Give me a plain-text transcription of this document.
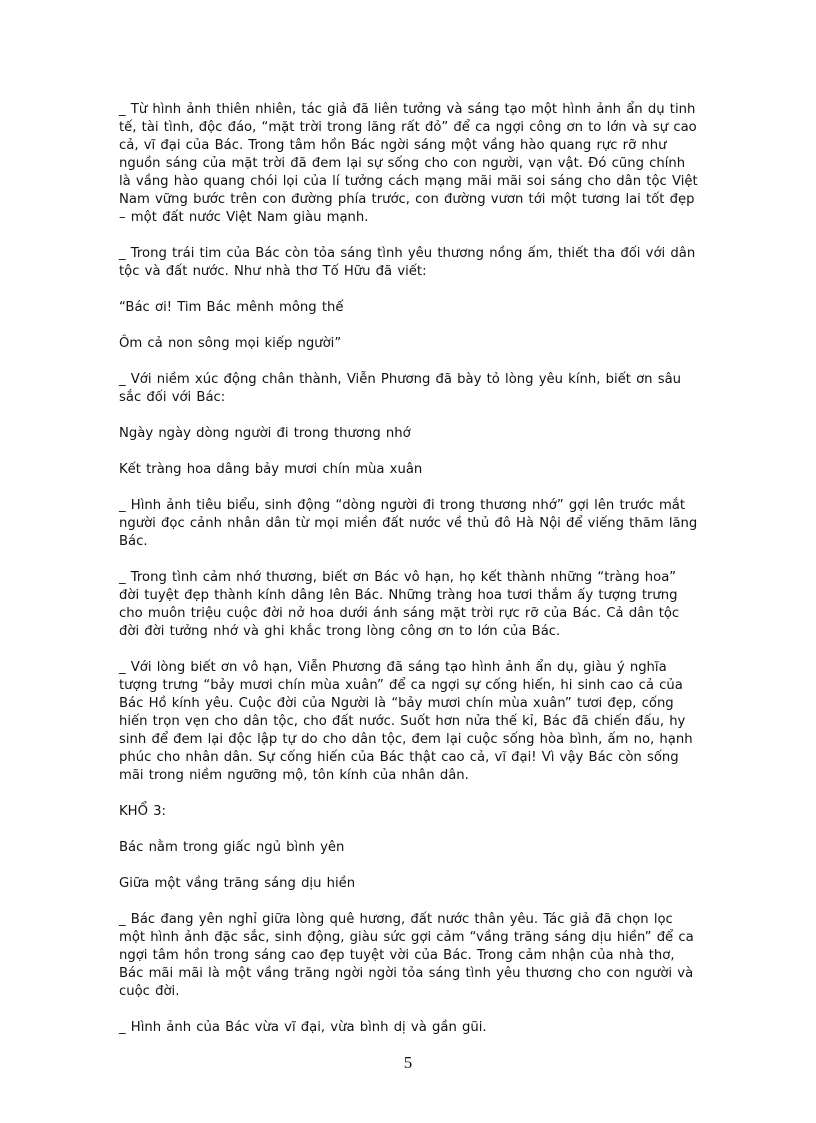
_ Từ hình ảnh thiên nhiên, tác giả đã liên tưởng và sáng tạo một hình ảnh ẩn dụ tinh tế, tài tình, độc đáo, “mặt trời trong lăng rất đỏ” để ca ngợi công ơn to lớn và sự cao cả, vĩ đại của Bác. Trong tâm hồn Bác ngời sáng một vầng hào quang rực rỡ như nguồn sáng của mặt trời đã đem lại sự sống cho con người, vạn vật. Đó cũng chính là vầng hào quang chói lọi của lí tưởng cách mạng mãi mãi soi sáng cho dân tộc Việt Nam vững bước trên con đường phía trước, con đường vươn tới một tương lai tốt đẹp – một đất nước Việt Nam giàu mạnh.

_ Trong trái tim của Bác còn tỏa sáng tình yêu thương nồng ấm, thiết tha đối với dân tộc và đất nước. Như nhà thơ Tố Hữu đã viết:

“Bác ơi! Tim Bác mênh mông thế

Ôm cả non sông mọi kiếp người”

_ Với niềm xúc động chân thành, Viễn Phương đã bày tỏ lòng yêu kính, biết ơn sâu sắc đối với Bác:

Ngày ngày dòng người đi trong thương nhớ

Kết tràng hoa dâng bảy mươi chín mùa xuân

_ Hình ảnh tiêu biểu, sinh động “dòng người đi trong thương nhớ” gợi lên trước mắt người đọc cảnh nhân dân từ mọi miền đất nước về thủ đô Hà Nội để viếng thăm lăng Bác.

_ Trong tình cảm nhớ thương, biết ơn Bác vô hạn, họ kết thành những “tràng hoa” đời tuyệt đẹp thành kính dâng lên Bác. Những tràng hoa tươi thắm ấy tượng trưng cho muôn triệu cuộc đời nở hoa dưới ánh sáng mặt trời rực rỡ của Bác. Cả dân tộc đời đời tưởng nhớ và ghi khắc trong lòng công ơn to lớn của Bác.

_ Với lòng biết ơn vô hạn, Viễn Phương đã sáng tạo hình ảnh ẩn dụ, giàu ý nghĩa tượng trưng “bảy mươi chín mùa xuân” để ca ngợi sự cống hiến, hi sinh cao cả của Bác Hồ kính yêu. Cuộc đời của Người là “bảy mươi chín mùa xuân” tươi đẹp, cống hiến trọn vẹn cho dân tộc, cho đất nước. Suốt hơn nửa thế kỉ, Bác đã chiến đấu, hy sinh để đem lại độc lập tự do cho dân tộc, đem lại cuộc sống hòa bình, ấm no, hạnh phúc cho nhân dân. Sự cống hiến của Bác thật cao cả, vĩ đại! Vì vậy Bác còn sống mãi trong niềm ngưỡng mộ, tôn kính của nhân dân.

KHỔ 3:

Bác nằm trong giấc ngủ bình yên

Giữa một vầng trăng sáng dịu hiền

_ Bác đang yên nghỉ giữa lòng quê hương, đất nước thân yêu. Tác giả đã chọn lọc một hình ảnh đặc sắc, sinh động, giàu sức gợi cảm “vầng trăng sáng dịu hiền” để ca ngợi tâm hồn trong sáng cao đẹp tuyệt vời của Bác. Trong cảm nhận của nhà thơ, Bác mãi mãi là một vầng trăng ngời ngời tỏa sáng tình yêu thương cho con người và cuộc đời.

_ Hình ảnh của Bác vừa vĩ đại, vừa bình dị và gần gũi.

5
